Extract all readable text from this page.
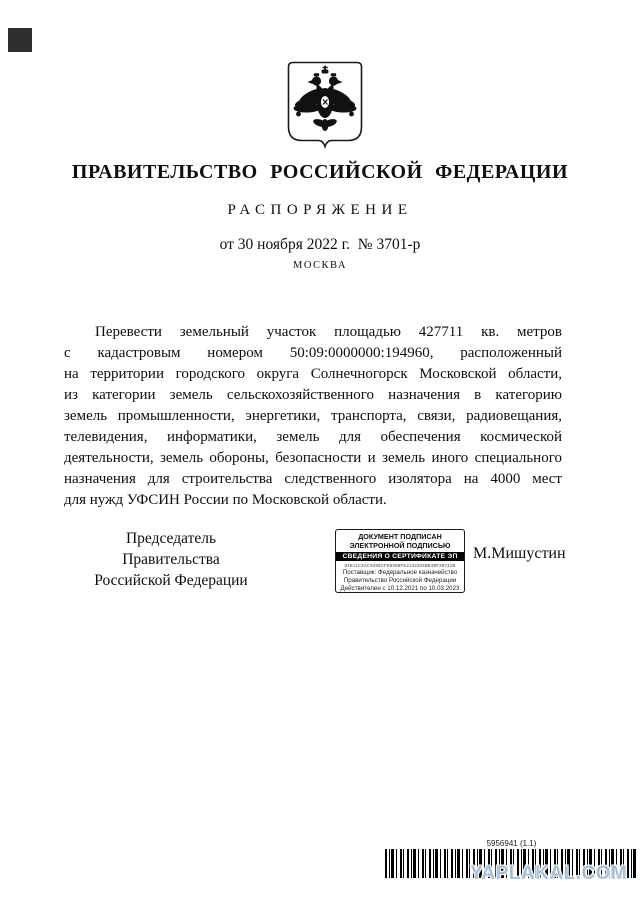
ПРАВИТЕЛЬСТВО РОССИЙСКОЙ ФЕДЕРАЦИИ
РАСПОРЯЖЕНИЕ
от 30 ноября 2022 г.  № 3701-р
МОСКВА
Перевести земельный участок площадью 427711 кв. метров
с кадастровым номером 50:09:0000000:194960, расположенный
на территории городского округа Солнечногорск Московской области,
из категории земель сельскохозяйственного назначения в категорию
земель промышленности, энергетики, транспорта, связи, радиовещания,
телевидения, информатики, земель для обеспечения космической
деятельности, земель обороны, безопасности и земель иного специального
назначения для строительства следственного изолятора на 4000 мест
для нужд УФСИН России по Московской области.
Председатель Правительства
Российской Федерации
ДОКУМЕНТ ПОДПИСАН
ЭЛЕКТРОННОЙ ПОДПИСЬЮ
СВЕДЕНИЯ О СЕРТИФИКАТЕ ЭП
04E11C3AC5468CFE8088FE2132302BE29F29741B
Поставщик: Федеральное казначейство
Правительство Российской Федерации
Действителен с 10.12.2021 по 10.03.2023
М.Мишустин
5956941 (1.1)
YAPLAKAL.COM
